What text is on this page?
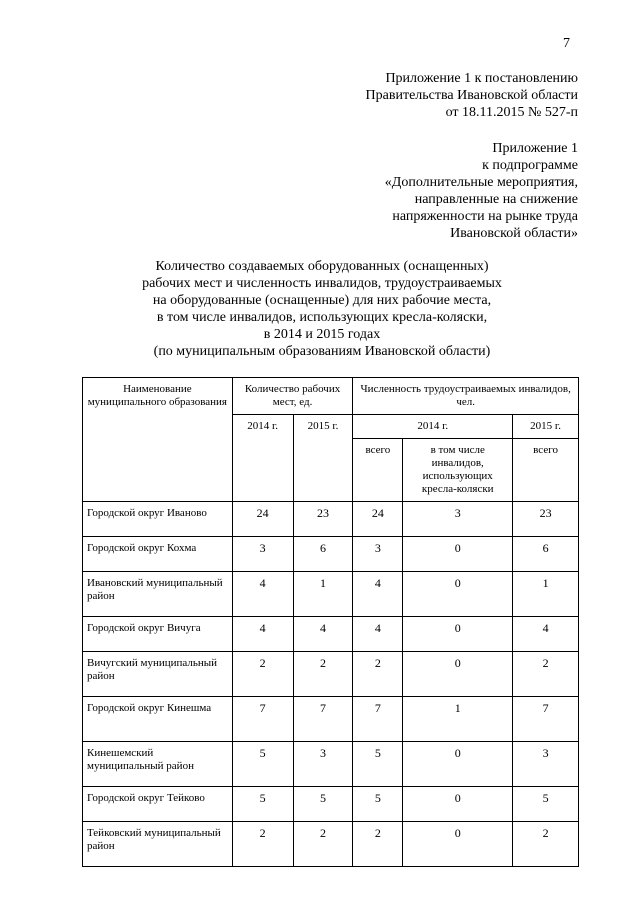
7
Приложение 1 к постановлению
Правительства Ивановской области
от 18.11.2015 № 527-п
Приложение 1
к подпрограмме
«Дополнительные мероприятия,
направленные на снижение
напряженности на рынке труда
Ивановской области»
Количество создаваемых оборудованных (оснащенных)
рабочих мест и численность инвалидов, трудоустраиваемых
на оборудованные (оснащенные) для них рабочие места,
в том числе инвалидов, использующих кресла-коляски,
в 2014 и 2015 годах
(по муниципальным образованиям Ивановской области)
Наименование муниципального образования	Количество рабочих мест, ед.		Численность трудоустраиваемых инвалидов, чел.		
	2014 г.	2015 г.	2014 г.		2015 г.
			всего	в том числе инвалидов, использующих кресла-коляски	всего
Городской округ Иваново	24	23	24	3	23
Городской округ Кохма	3	6	3	0	6
Ивановский муниципальный район	4	1	4	0	1
Городской округ Вичуга	4	4	4	0	4
Вичугский муниципальный район	2	2	2	0	2
Городской округ Кинешма	7	7	7	1	7
Кинешемский муниципальный район	5	3	5	0	3
Городской округ Тейково	5	5	5	0	5
Тейковский муниципальный район	2	2	2	0	2
